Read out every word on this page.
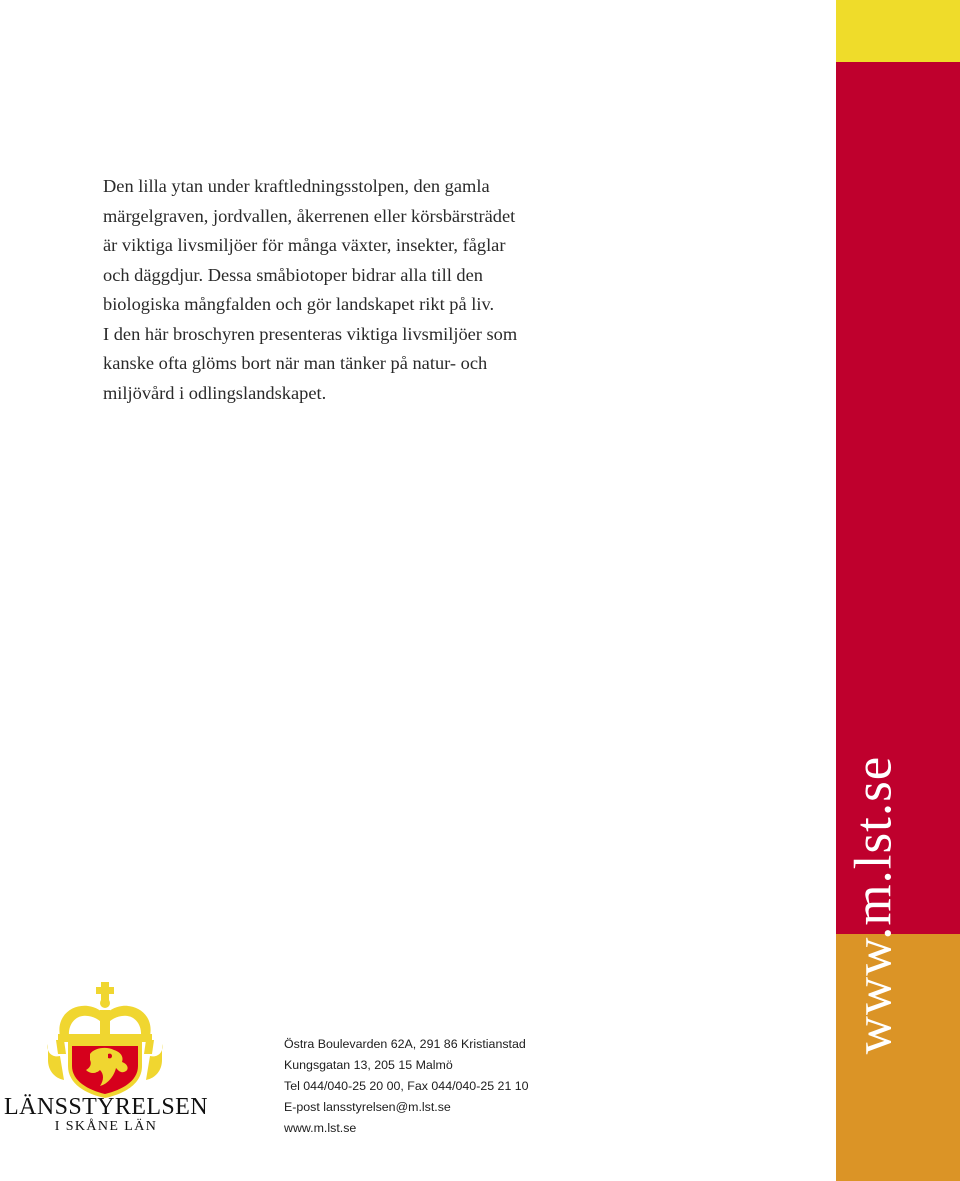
Den lilla ytan under kraftledningsstolpen, den gamla
märgelgraven, jordvallen, åkerrenen eller körsbärsträdet
är viktiga livsmiljöer för många växter, insekter, fåglar
och däggdjur. Dessa småbiotoper bidrar alla till den
biologiska mångfalden och gör landskapet rikt på liv.
I den här broschyren presenteras viktiga livsmiljöer som
kanske ofta glöms bort när man tänker på natur- och
miljövård i odlingslandskapet.
www.m.lst.se
LÄNSSTYRELSEN
I SKÅNE LÄN
Östra Boulevarden 62A, 291 86 Kristianstad
Kungsgatan 13, 205 15 Malmö
Tel 044/040-25 20 00, Fax 044/040-25 21 10
E-post lansstyrelsen@m.lst.se
www.m.lst.se
